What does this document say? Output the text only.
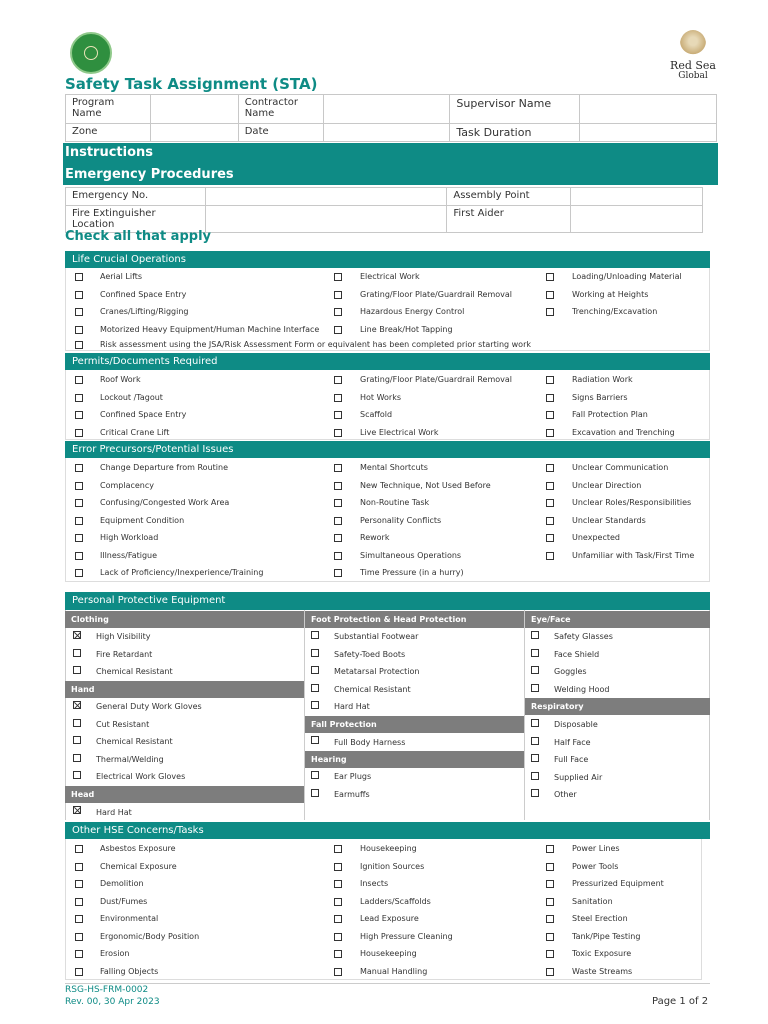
Red Sea
Global
Safety Task Assignment (STA)
Program Name		Contractor Name		Supervisor Name	
Zone		Date		Task Duration	
Instructions
Emergency Procedures
Emergency No.		Assembly Point	
Fire Extinguisher Location		First Aider	
Check all that apply
Life Crucial Operations
Permits/Documents Required
Error Precursors/Potential Issues
Personal Protective Equipment
Other HSE Concerns/Tasks
Aerial Lifts
Confined Space Entry
Cranes/Lifting/Rigging
Motorized Heavy Equipment/Human Machine Interface
Electrical Work
Grating/Floor Plate/Guardrail Removal
Hazardous Energy Control
Line Break/Hot Tapping
Loading/Unloading Material
Working at Heights
Trenching/Excavation
Risk assessment using the JSA/Risk Assessment Form or equivalent has been completed prior starting work
Roof Work
Lockout /Tagout
Confined Space Entry
Critical Crane Lift
Grating/Floor Plate/Guardrail Removal
Hot Works
Scaffold
Live Electrical Work
Radiation Work
Signs Barriers
Fall Protection Plan
Excavation and Trenching
Change Departure from Routine
Complacency
Confusing/Congested Work Area
Equipment Condition
High Workload
Illness/Fatigue
Lack of Proficiency/Inexperience/Training
Mental Shortcuts
New Technique, Not Used Before
Non-Routine Task
Personality Conflicts
Rework
Simultaneous Operations
Time Pressure (in a hurry)
Unclear Communication
Unclear Direction
Unclear Roles/Responsibilities
Unclear Standards
Unexpected
Unfamiliar with Task/First Time
Clothing	Foot Protection & Head Protection	Eye/Face
High Visibility
Fire Retardant
Chemical Resistant
Hand
General Duty Work Gloves
Cut Resistant
Chemical Resistant
Thermal/Welding
Electrical Work Gloves
Head
Hard Hat
Substantial Footwear
Safety-Toed Boots
Metatarsal Protection
Chemical Resistant
Hard Hat
Fall Protection
Full Body Harness
Hearing
Ear Plugs
Earmuffs
Safety Glasses
Face Shield
Goggles
Welding Hood
Respiratory
Disposable
Half Face
Full Face
Supplied Air
Other
Asbestos Exposure
Chemical Exposure
Demolition
Dust/Fumes
Environmental
Ergonomic/Body Position
Erosion
Falling Objects
Housekeeping
Ignition Sources
Insects
Ladders/Scaffolds
Lead Exposure
High Pressure Cleaning
Housekeeping
Manual Handling
Power Lines
Power Tools
Pressurized Equipment
Sanitation
Steel Erection
Tank/Pipe Testing
Toxic Exposure
Waste Streams
RSG-HS-FRM-0002
Rev. 00, 30 Apr 2023	Page 1 of 2
